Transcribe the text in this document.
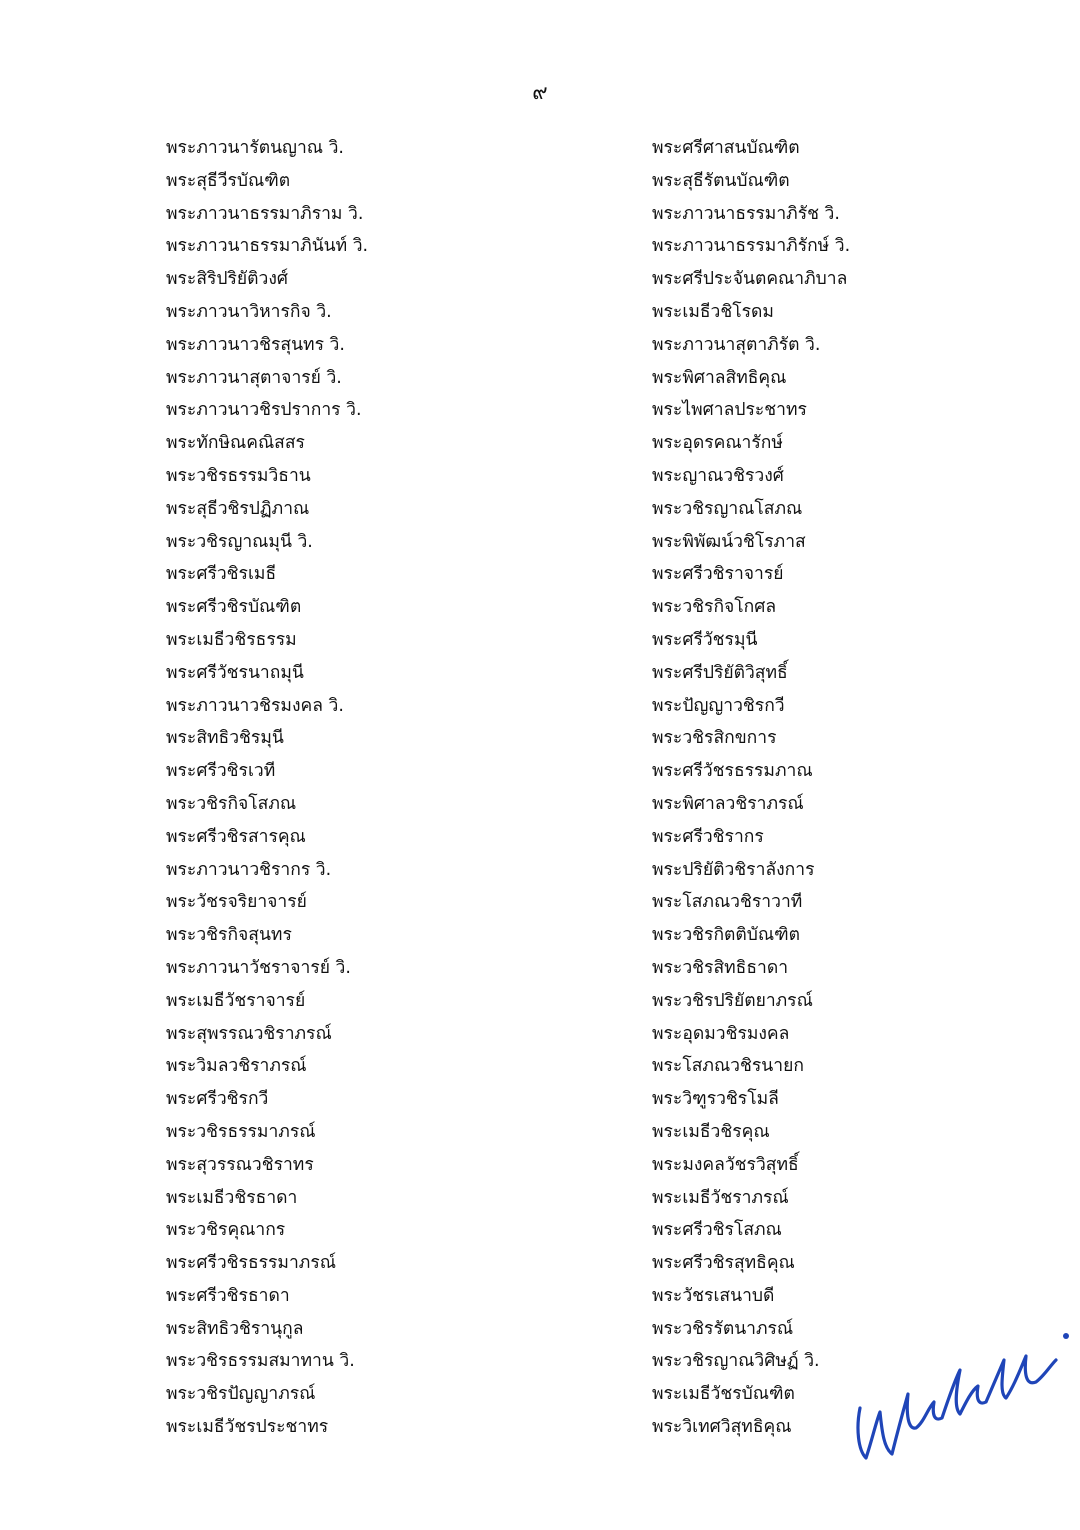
๙
พระภาวนารัตนญาณ วิ.
พระสุธีวีรบัณฑิต
พระภาวนาธรรมาภิราม วิ.
พระภาวนาธรรมาภินันท์ วิ.
พระสิริปริยัติวงศ์
พระภาวนาวิหารกิจ วิ.
พระภาวนาวชิรสุนทร วิ.
พระภาวนาสุตาจารย์ วิ.
พระภาวนาวชิรปราการ วิ.
พระทักษิณคณิสสร
พระวชิรธรรมวิธาน
พระสุธีวชิรปฏิภาณ
พระวชิรญาณมุนี วิ.
พระศรีวชิรเมธี
พระศรีวชิรบัณฑิต
พระเมธีวชิรธรรม
พระศรีวัชรนาถมุนี
พระภาวนาวชิรมงคล วิ.
พระสิทธิวชิรมุนี
พระศรีวชิรเวที
พระวชิรกิจโสภณ
พระศรีวชิรสารคุณ
พระภาวนาวชิรากร วิ.
พระวัชรจริยาจารย์
พระวชิรกิจสุนทร
พระภาวนาวัชราจารย์ วิ.
พระเมธีวัชราจารย์
พระสุพรรณวชิราภรณ์
พระวิมลวชิราภรณ์
พระศรีวชิรกวี
พระวชิรธรรมาภรณ์
พระสุวรรณวชิราทร
พระเมธีวชิรธาดา
พระวชิรคุณากร
พระศรีวชิรธรรมาภรณ์
พระศรีวชิรธาดา
พระสิทธิวชิรานุกูล
พระวชิรธรรมสมาทาน วิ.
พระวชิรปัญญาภรณ์
พระเมธีวัชรประชาทร
พระศรีศาสนบัณฑิต
พระสุธีรัตนบัณฑิต
พระภาวนาธรรมาภิรัช วิ.
พระภาวนาธรรมาภิรักษ์ วิ.
พระศรีประจันตคณาภิบาล
พระเมธีวชิโรดม
พระภาวนาสุตาภิรัต วิ.
พระพิศาลสิทธิคุณ
พระไพศาลประชาทร
พระอุดรคณารักษ์
พระญาณวชิรวงศ์
พระวชิรญาณโสภณ
พระพิพัฒน์วชิโรภาส
พระศรีวชิราจารย์
พระวชิรกิจโกศล
พระศรีวัชรมุนี
พระศรีปริยัติวิสุทธิ์
พระปัญญาวชิรกวี
พระวชิรสิกขการ
พระศรีวัชรธรรมภาณ
พระพิศาลวชิราภรณ์
พระศรีวชิรากร
พระปริยัติวชิราลังการ
พระโสภณวชิราวาที
พระวชิรกิตติบัณฑิต
พระวชิรสิทธิธาดา
พระวชิรปริยัตยาภรณ์
พระอุดมวชิรมงคล
พระโสภณวชิรนายก
พระวิฑูรวชิรโมลี
พระเมธีวชิรคุณ
พระมงคลวัชรวิสุทธิ์
พระเมธีวัชราภรณ์
พระศรีวชิรโสภณ
พระศรีวชิรสุทธิคุณ
พระวัชรเสนาบดี
พระวชิรรัตนาภรณ์
พระวชิรญาณวิศิษฏ์ วิ.
พระเมธีวัชรบัณฑิต
พระวิเทศวิสุทธิคุณ
